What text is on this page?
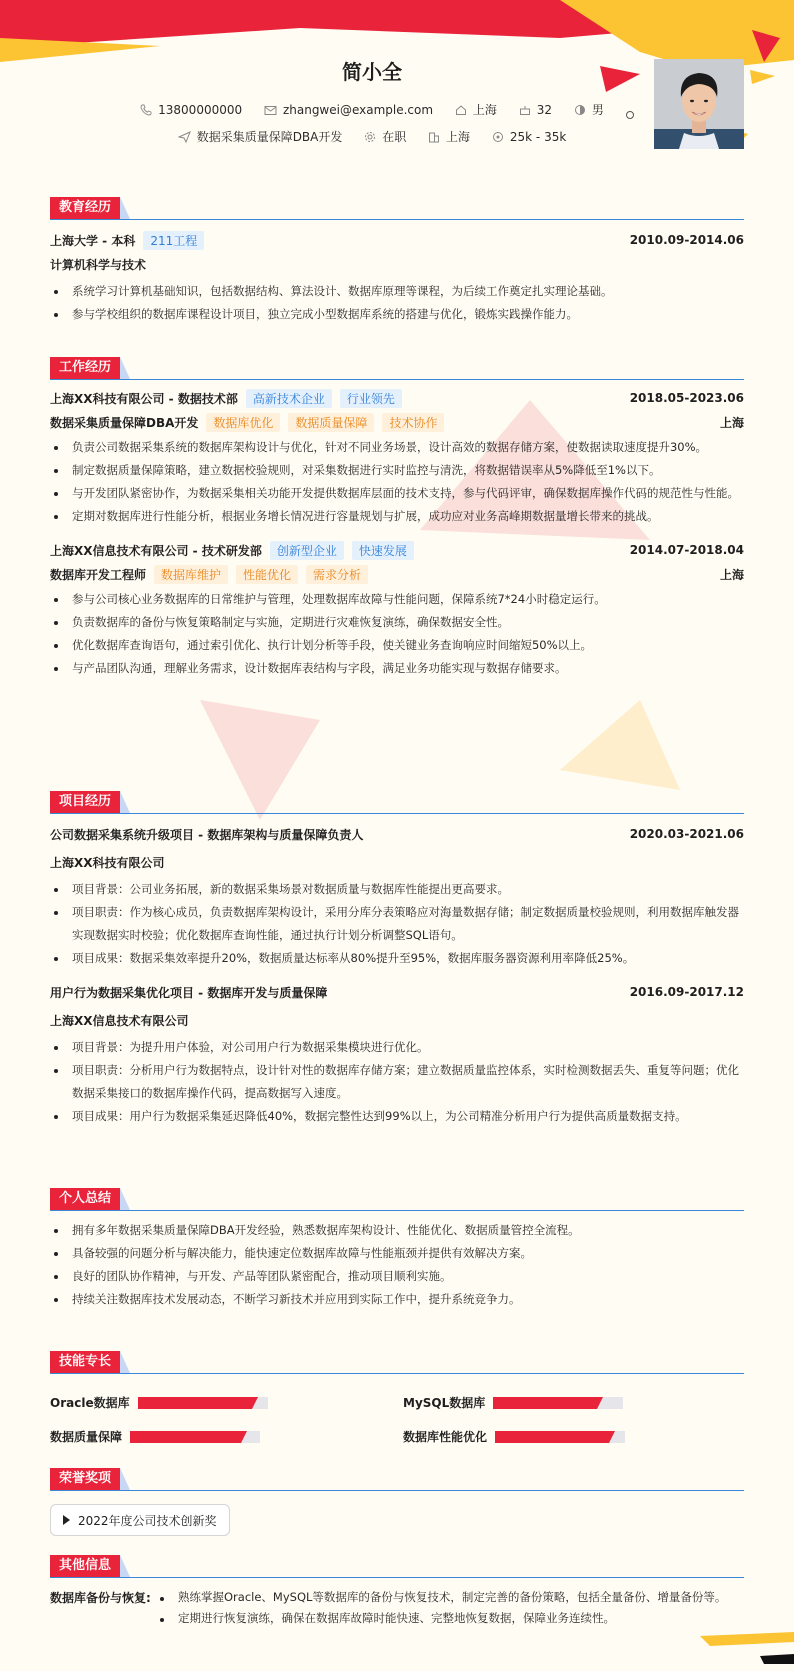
简小全
13800000000
	zhangwei@example.com
	上海
	32
	男
数据采集质量保障DBA开发
	在职
	上海
	25k - 35k
教育经历
上海大学 - 本科	211工程	2010.09-2014.06
计算机科学与技术
系统学习计算机基础知识，包括数据结构、算法设计、数据库原理等课程，为后续工作奠定扎实理论基础。
参与学校组织的数据库课程设计项目，独立完成小型数据库系统的搭建与优化，锻炼实践操作能力。
工作经历
上海XX科技有限公司 - 数据技术部	高新技术企业	行业领先	2018.05-2023.06
数据采集质量保障DBA开发	数据库优化	数据质量保障	技术协作	上海
负责公司数据采集系统的数据库架构设计与优化，针对不同业务场景，设计高效的数据存储方案，使数据读取速度提升30%。
制定数据质量保障策略，建立数据校验规则，对采集数据进行实时监控与清洗，将数据错误率从5%降低至1%以下。
与开发团队紧密协作，为数据采集相关功能开发提供数据库层面的技术支持，参与代码评审，确保数据库操作代码的规范性与性能。
定期对数据库进行性能分析，根据业务增长情况进行容量规划与扩展，成功应对业务高峰期数据量增长带来的挑战。
上海XX信息技术有限公司 - 技术研发部	创新型企业	快速发展	2014.07-2018.04
数据库开发工程师	数据库维护	性能优化	需求分析	上海
参与公司核心业务数据库的日常维护与管理，处理数据库故障与性能问题，保障系统7*24小时稳定运行。
负责数据库的备份与恢复策略制定与实施，定期进行灾难恢复演练，确保数据安全性。
优化数据库查询语句，通过索引优化、执行计划分析等手段，使关键业务查询响应时间缩短50%以上。
与产品团队沟通，理解业务需求，设计数据库表结构与字段，满足业务功能实现与数据存储要求。
项目经历
公司数据采集系统升级项目 - 数据库架构与质量保障负责人	2020.03-2021.06
上海XX科技有限公司
项目背景：公司业务拓展，新的数据采集场景对数据质量与数据库性能提出更高要求。
项目职责：作为核心成员，负责数据库架构设计，采用分库分表策略应对海量数据存储；制定数据质量校验规则，利用数据库触发器实现数据实时校验；优化数据库查询性能，通过执行计划分析调整SQL语句。
项目成果：数据采集效率提升20%，数据质量达标率从80%提升至95%，数据库服务器资源利用率降低25%。
用户行为数据采集优化项目 - 数据库开发与质量保障	2016.09-2017.12
上海XX信息技术有限公司
项目背景：为提升用户体验，对公司用户行为数据采集模块进行优化。
项目职责：分析用户行为数据特点，设计针对性的数据库存储方案；建立数据质量监控体系，实时检测数据丢失、重复等问题；优化数据采集接口的数据库操作代码，提高数据写入速度。
项目成果：用户行为数据采集延迟降低40%，数据完整性达到99%以上，为公司精准分析用户行为提供高质量数据支持。
个人总结
拥有多年数据采集质量保障DBA开发经验，熟悉数据库架构设计、性能优化、数据质量管控全流程。
具备较强的问题分析与解决能力，能快速定位数据库故障与性能瓶颈并提供有效解决方案。
良好的团队协作精神，与开发、产品等团队紧密配合，推动项目顺利实施。
持续关注数据库技术发展动态，不断学习新技术并应用到实际工作中，提升系统竞争力。
技能专长
Oracle数据库	MySQL数据库
数据质量保障	数据库性能优化
荣誉奖项
2022年度公司技术创新奖
其他信息
数据库备份与恢复:	熟练掌握Oracle、MySQL等数据库的备份与恢复技术，制定完善的备份策略，包括全量备份、增量备份等。
定期进行恢复演练，确保在数据库故障时能快速、完整地恢复数据，保障业务连续性。
